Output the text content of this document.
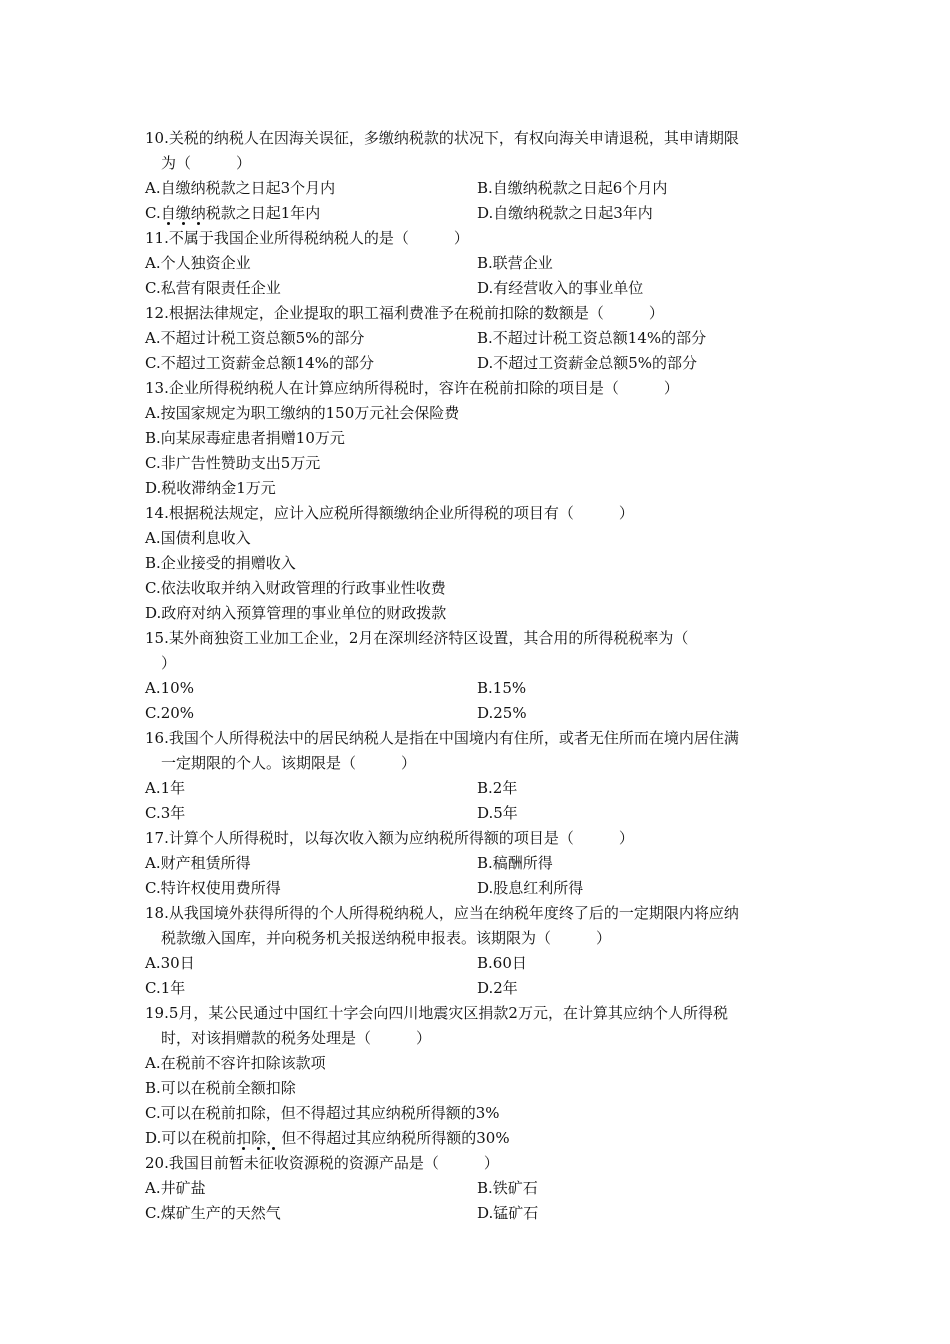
10.关税的纳税人在因海关误征，多缴纳税款的状况下，有权向海关申请退税，其申请期限
为（　　　）
A.自缴纳税款之日起3个月内	B.自缴纳税款之日起6个月内
C.自缴纳税款之日起1年内	D.自缴纳税款之日起3年内
11.不属于我国企业所得税纳税人的是（　　　）
A.个人独资企业	B.联营企业
C.私营有限责任企业	D.有经营收入的事业单位
12.根据法律规定，企业提取的职工福利费准予在税前扣除的数额是（　　　）
A.不超过计税工资总额5%的部分	B.不超过计税工资总额14%的部分
C.不超过工资薪金总额14%的部分	D.不超过工资薪金总额5%的部分
13.企业所得税纳税人在计算应纳所得税时，容许在税前扣除的项目是（　　　）
A.按国家规定为职工缴纳的150万元社会保险费
B.向某尿毒症患者捐赠10万元
C.非广告性赞助支出5万元
D.税收滞纳金1万元
14.根据税法规定，应计入应税所得额缴纳企业所得税的项目有（　　　）
A.国债利息收入
B.企业接受的捐赠收入
C.依法收取并纳入财政管理的行政事业性收费
D.政府对纳入预算管理的事业单位的财政拨款
15.某外商独资工业加工企业，2月在深圳经济特区设置，其合用的所得税税率为（
）
A.10%	B.15%
C.20%	D.25%
16.我国个人所得税法中的居民纳税人是指在中国境内有住所，或者无住所而在境内居住满
一定期限的个人。该期限是（　　　）
A.1年	B.2年
C.3年	D.5年
17.计算个人所得税时，以每次收入额为应纳税所得额的项目是（　　　）
A.财产租赁所得	B.稿酬所得
C.特许权使用费所得	D.股息红利所得
18.从我国境外获得所得的个人所得税纳税人，应当在纳税年度终了后的一定期限内将应纳
税款缴入国库，并向税务机关报送纳税申报表。该期限为（　　　）
A.30日	B.60日
C.1年	D.2年
19.5月，某公民通过中国红十字会向四川地震灾区捐款2万元，在计算其应纳个人所得税
时，对该捐赠款的税务处理是（　　　）
A.在税前不容许扣除该款项
B.可以在税前全额扣除
C.可以在税前扣除，但不得超过其应纳税所得额的3%
D.可以在税前扣除，但不得超过其应纳税所得额的30%
20.我国目前暂未征收资源税的资源产品是（　　　）
A.井矿盐	B.铁矿石
C.煤矿生产的天然气	D.锰矿石
